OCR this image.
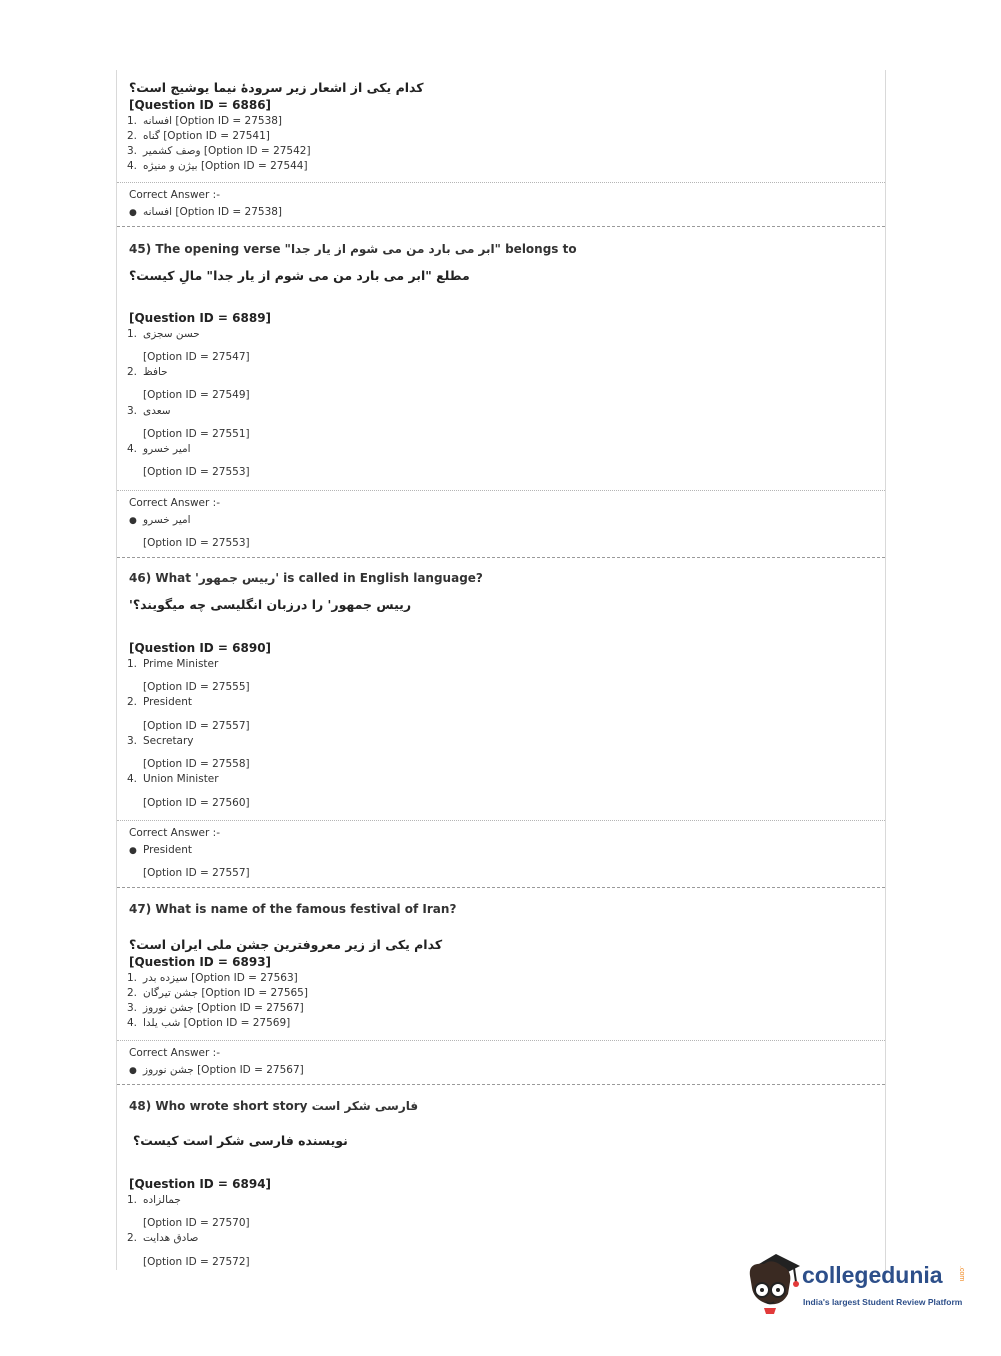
کدام یکی از اشعار زیر سرودهٔ نیما یوشیج است؟
[Question ID = 6886]
1. افسانه [Option ID = 27538]
2. گناه [Option ID = 27541]
3. وصف کشمیر [Option ID = 27542]
4. بیژن و منیژه [Option ID = 27544]
Correct Answer :-
● افسانه [Option ID = 27538]
45) The opening verse "ابر می بارد من می شوم از یار جدا" belongs to
مطلع "ابر می بارد من می شوم از یار جدا" مالِ کیست؟
[Question ID = 6889]
1. حسن سجزی
[Option ID = 27547]
2. حافظ
[Option ID = 27549]
3. سعدی
[Option ID = 27551]
4. امیر خسرو
[Option ID = 27553]
Correct Answer :-
● امیر خسرو
[Option ID = 27553]
46) What 'رییس جمهور' is called in English language?
'رییس جمهور' را درزبان انگلیسی چه میگویند؟
[Question ID = 6890]
1. Prime Minister
[Option ID = 27555]
2. President
[Option ID = 27557]
3. Secretary
[Option ID = 27558]
4. Union Minister
[Option ID = 27560]
Correct Answer :-
● President
[Option ID = 27557]
47) What is name of the famous festival of Iran?
کدام یکی از زیر معروفترین جشن ملی ایران است؟
[Question ID = 6893]
1. سیزده بدر [Option ID = 27563]
2. جشن تیرگان [Option ID = 27565]
3. جشن نوروز [Option ID = 27567]
4. شب یلدا [Option ID = 27569]
Correct Answer :-
● جشن نوروز [Option ID = 27567]
48) Who wrote short story فارسی شکر است
نویسنده فارسی شکر است کیست؟
[Question ID = 6894]
1. جمالزاده
[Option ID = 27570]
2. صادق هدایت
[Option ID = 27572]	collegedunia .com
India's largest Student Review Platform
